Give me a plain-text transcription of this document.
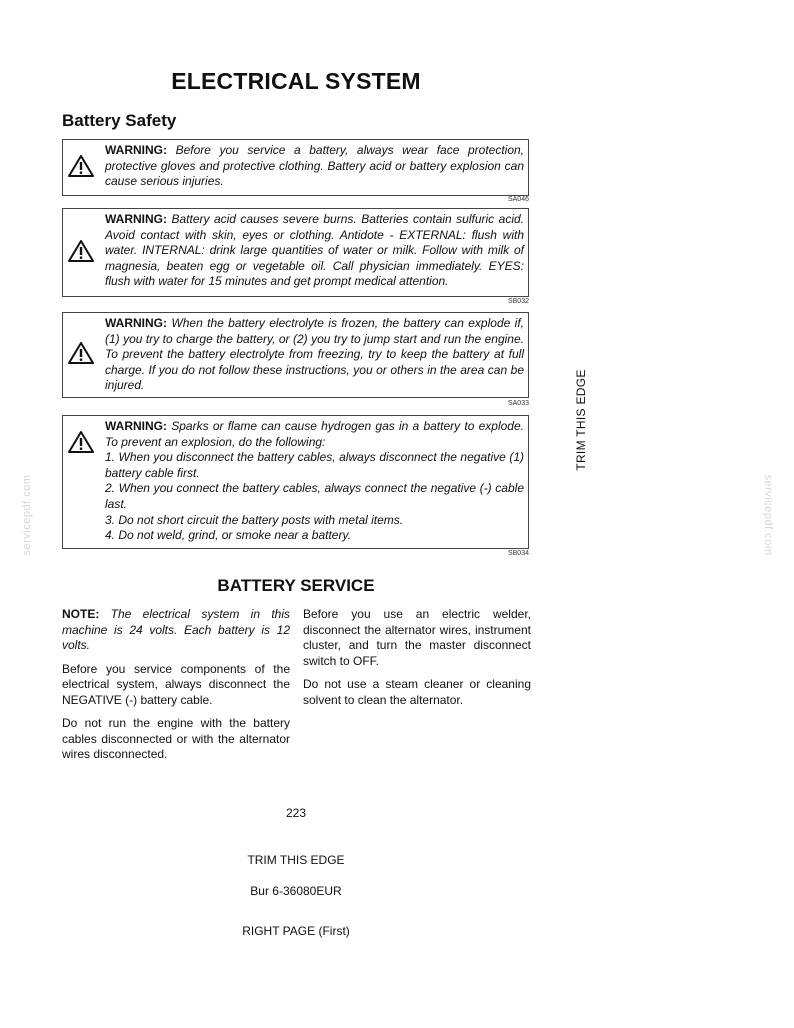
ELECTRICAL SYSTEM
Battery Safety
WARNING: Before you service a battery, always wear face protection, protective gloves and protective clothing. Battery acid or battery explosion can cause serious injuries.
SA046
WARNING: Battery acid causes severe burns. Batteries contain sulfuric acid. Avoid contact with skin, eyes or clothing. Antidote - EXTERNAL: flush with water. INTERNAL: drink large quantities of water or milk. Follow with milk of magnesia, beaten egg or vegetable oil. Call physician immediately. EYES: flush with water for 15 minutes and get prompt medical attention.
SB032
WARNING: When the battery electrolyte is frozen, the battery can explode if, (1) you try to charge the battery, or (2) you try to jump start and run the engine. To prevent the battery electrolyte from freezing, try to keep the battery at full charge. If you do not follow these instructions, you or others in the area can be injured.
SA033
WARNING: Sparks or flame can cause hydrogen gas in a battery to explode. To prevent an explosion, do the following:
1. When you disconnect the battery cables, always disconnect the negative (1) battery cable first.
2. When you connect the battery cables, always connect the negative (-) cable last.
3. Do not short circuit the battery posts with metal items.
4. Do not weld, grind, or smoke near a battery.
SB034
BATTERY SERVICE

NOTE: The electrical system in this machine is 24 volts. Each battery is 12 volts.

Before you service components of the electrical system, always disconnect the NEGATIVE (-) battery cable.

Do not run the engine with the battery cables disconnected or with the alternator wires disconnected.

Before you use an electric welder, disconnect the alternator wires, instrument cluster, and turn the master disconnect switch to OFF.

Do not use a steam cleaner or cleaning solvent to clean the alternator.

223
TRIM THIS EDGE
Bur 6-36080EUR
RIGHT PAGE (First)
TRIM THIS EDGE
servicepdf.com	servicepdf.com
